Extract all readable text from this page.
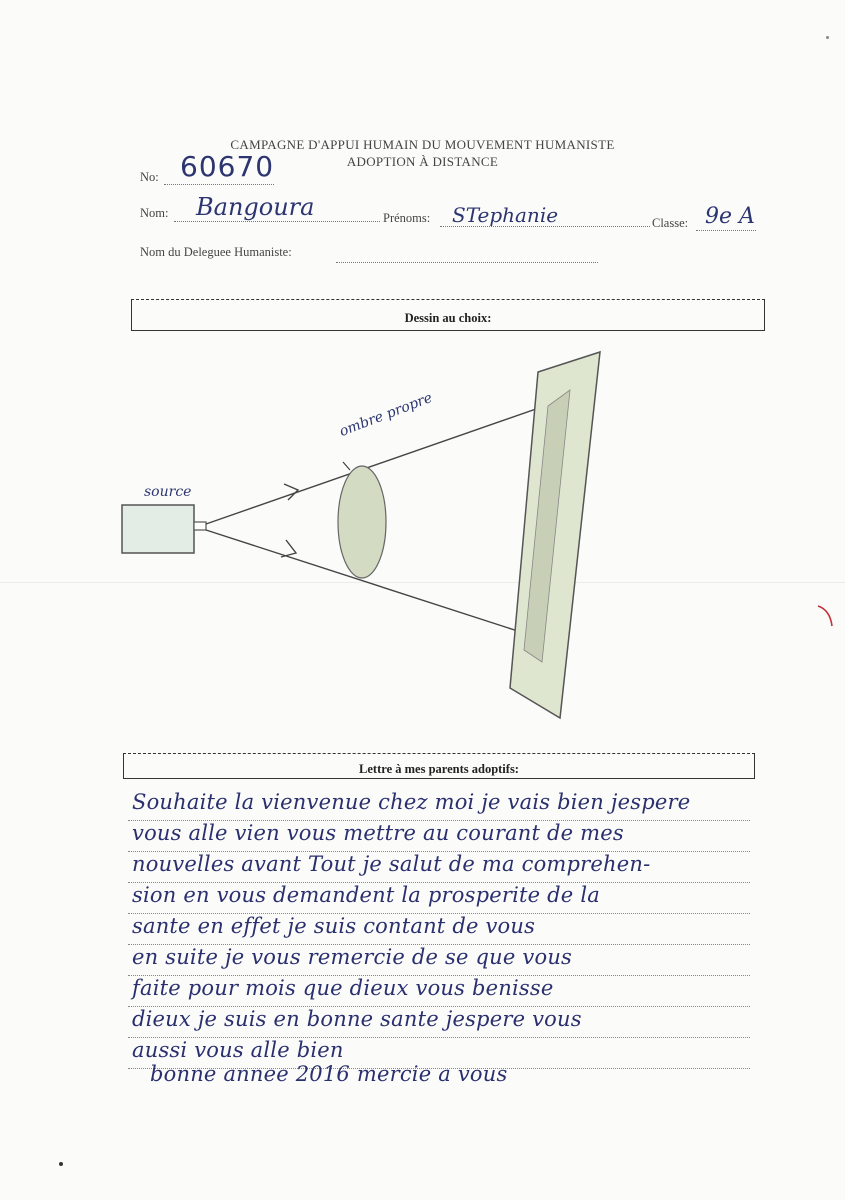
CAMPAGNE D'APPUI HUMAIN DU MOUVEMENT HUMANISTE
ADOPTION À DISTANCE
No: 60670
Nom: Bangoura	Prénoms: STephanie	Classe: 9e A
Nom du Deleguee Humaniste:
Dessin au choix:
source
ombre propre
Lettre à mes parents adoptifs:
Souhaite la vienvenue chez moi je vais bien jespere
vous alle vien vous mettre au courant de mes
nouvelles avant Tout je salut de ma comprehen-
sion en vous demandent la prosperite de la
sante en effet je suis contant de vous
en suite je vous remercie de se que vous
faite pour mois que dieux vous benisse
dieux je suis en bonne sante jespere vous
aussi vous alle bien
bonne annee 2016 mercie a vous
